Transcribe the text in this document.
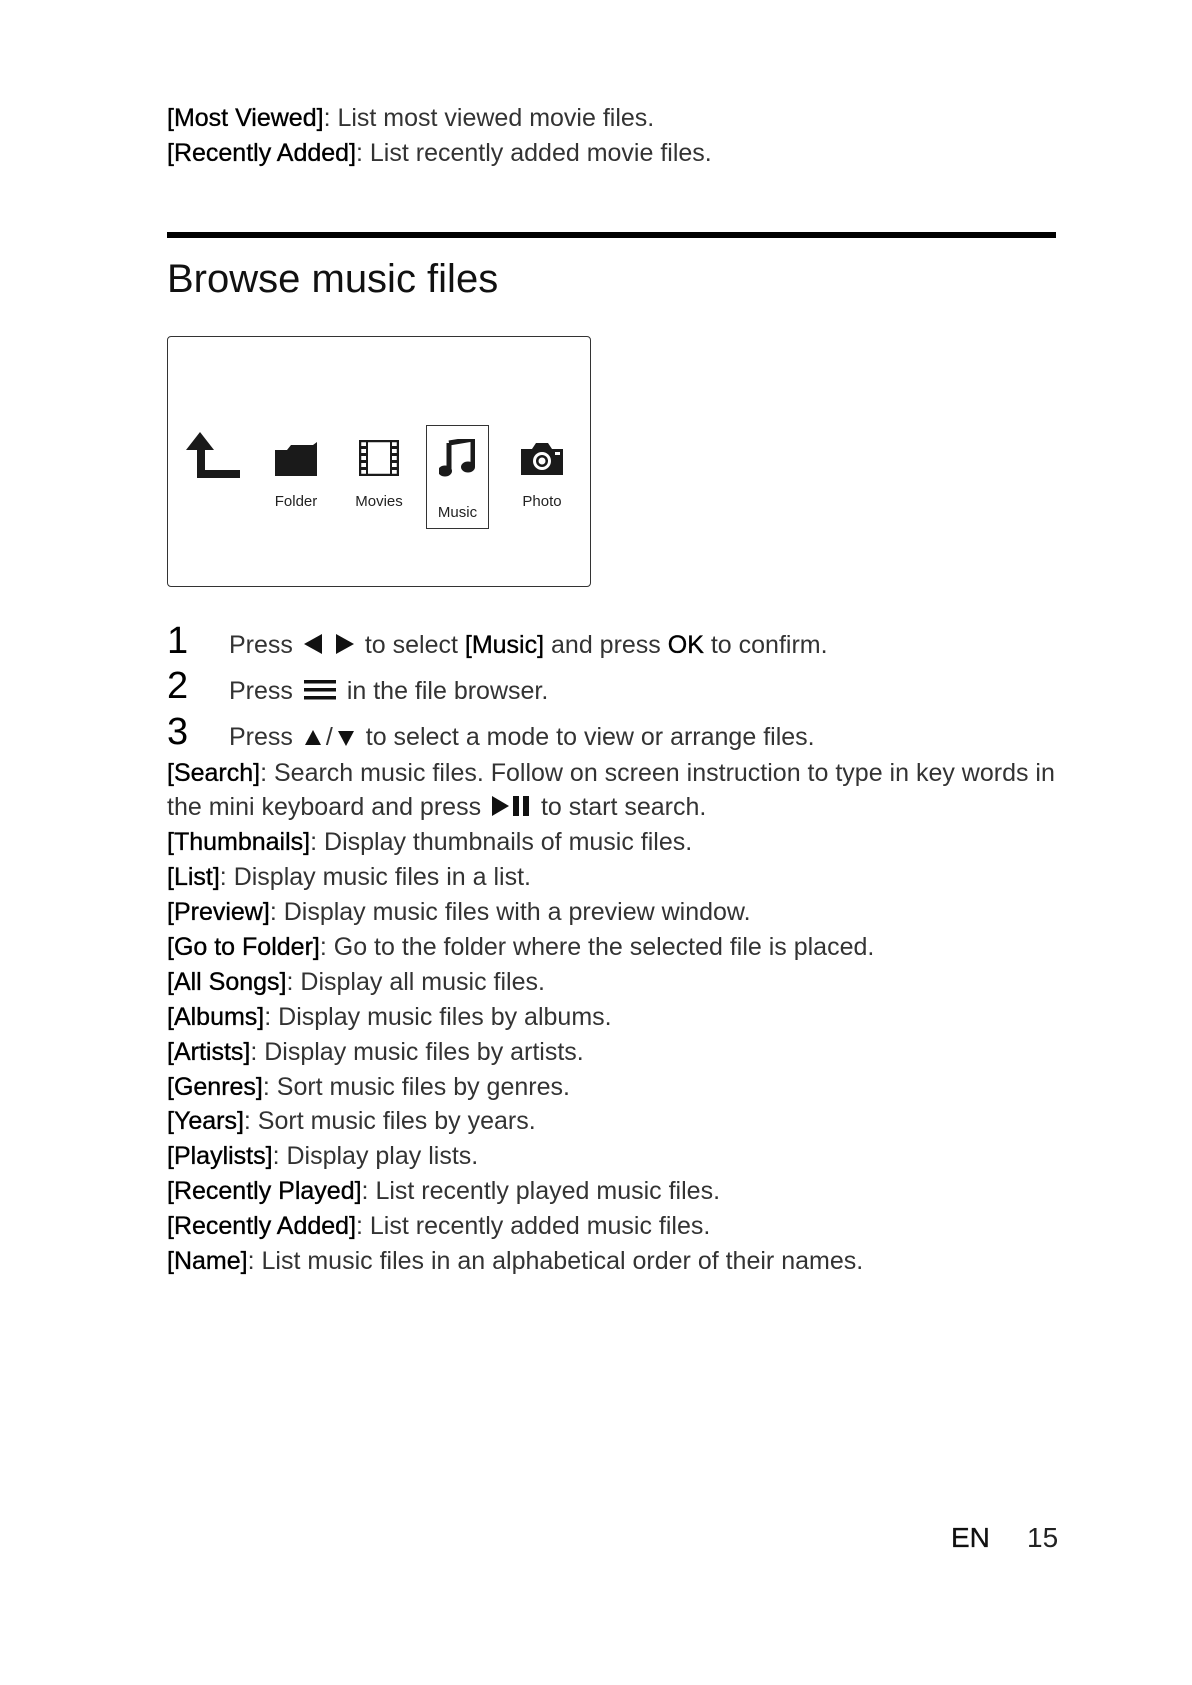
[Most Viewed]: List most viewed movie files.
[Recently Added]: List recently added movie files.
Browse music files
Folder	Movies
Music
Photo
1 Press	to select [Music] and press OK to confirm.
2 Press in the file browser.
3 Press / to select a mode to view or arrange files.
[Search]: Search music files. Follow on screen instruction to type in key words in
the mini keyboard and press to start search.
[Thumbnails]: Display thumbnails of music files.
[List]: Display music files in a list.
[Preview]: Display music files with a preview window.
[Go to Folder]: Go to the folder where the selected file is placed.
[All Songs]: Display all music files.
[Albums]: Display music files by albums.
[Artists]: Display music files by artists.
[Genres]: Sort music files by genres.
[Years]: Sort music files by years.
[Playlists]: Display play lists.
[Recently Played]: List recently played music files.
[Recently Added]: List recently added music files.
[Name]: List music files in an alphabetical order of their names.
EN 15
